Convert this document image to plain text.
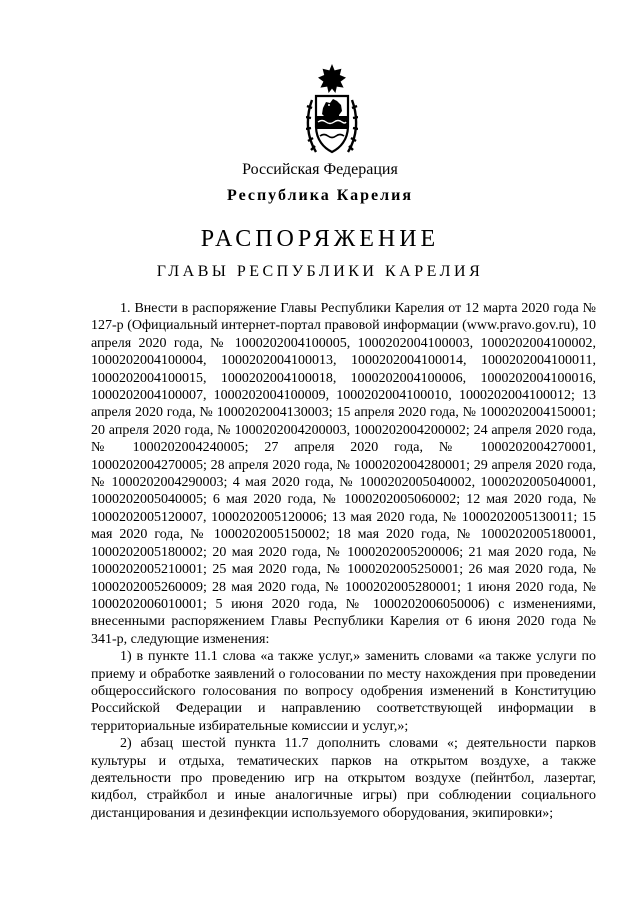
Российская Федерация
Республика Карелия
РАСПОРЯЖЕНИЕ
ГЛАВЫ РЕСПУБЛИКИ КАРЕЛИЯ

1. Внести в распоряжение Главы Республики Карелия от 12 марта 2020 года № 127-р (Официальный интернет-портал правовой информации (www.pravo.gov.ru), 10 апреля 2020 года, № 1000202004100005, 1000202004100003, 1000202004100002, 1000202004100004, 1000202004100013, 1000202004100014, 1000202004100011, 1000202004100015, 1000202004100018, 1000202004100006, 1000202004100016, 1000202004100007, 1000202004100009, 1000202004100010, 1000202004100012; 13 апреля 2020 года, № 1000202004130003; 15 апреля 2020 года, № 1000202004150001; 20 апреля 2020 года, № 1000202004200003, 1000202004200002; 24 апреля 2020 года, № 1000202004240005; 27 апреля 2020 года, № 1000202004270001, 1000202004270005; 28 апреля 2020 года, № 1000202004280001; 29 апреля 2020 года, № 1000202004290003; 4 мая 2020 года, № 1000202005040002, 1000202005040001, 1000202005040005; 6 мая 2020 года, № 1000202005060002; 12 мая 2020 года, № 1000202005120007, 1000202005120006; 13 мая 2020 года, № 1000202005130011; 15 мая 2020 года, № 1000202005150002; 18 мая 2020 года, № 1000202005180001, 1000202005180002; 20 мая 2020 года, № 1000202005200006; 21 мая 2020 года, № 1000202005210001; 25 мая 2020 года, № 1000202005250001; 26 мая 2020 года, № 1000202005260009; 28 мая 2020 года, № 1000202005280001; 1 июня 2020 года, № 1000202006010001; 5 июня 2020 года, № 1000202006050006) с изменениями, внесенными распоряжением Главы Республики Карелия от 6 июня 2020 года № 341-р, следующие изменения:

1) в пункте 11.1 слова «а также услуг,» заменить словами «а также услуги по приему и обработке заявлений о голосовании по месту нахождения при проведении общероссийского голосования по вопросу одобрения изменений в Конституцию Российской Федерации и направлению соответствующей информации в территориальные избирательные комиссии и услуг,»;

2) абзац шестой пункта 11.7 дополнить словами «; деятельности парков культуры и отдыха, тематических парков на открытом воздухе, а также деятельности про проведению игр на открытом воздухе (пейнтбол, лазертаг, кидбол, страйкбол и иные аналогичные игры) при соблюдении социального дистанцирования и дезинфекции используемого оборудования, экипировки»;
